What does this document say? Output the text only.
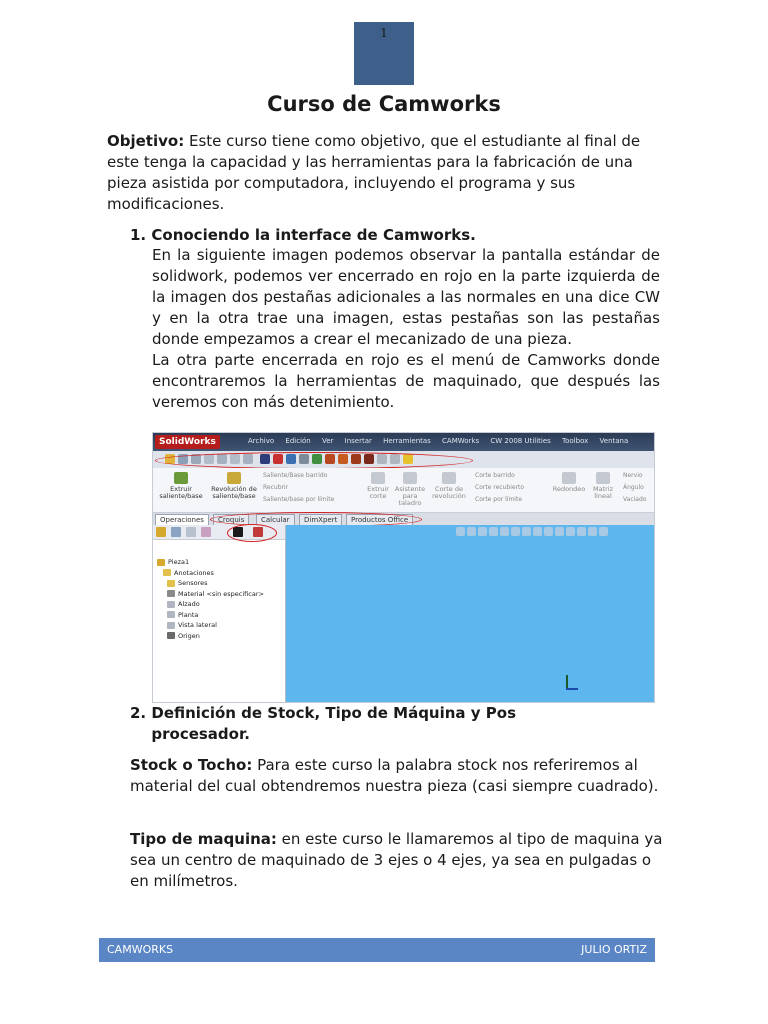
1
Curso de Camworks
Objetivo: Este curso tiene como objetivo, que el estudiante al final de este tenga la capacidad y las herramientas para la fabricación de una pieza asistida por computadora, incluyendo el programa y sus modificaciones.
1. Conociendo la interface de Camworks.

En la siguiente imagen podemos observar la pantalla estándar de solidwork, podemos ver encerrado en rojo en la parte izquierda de la imagen dos pestañas adicionales a las normales en una dice CW y en la otra trae una imagen, estas pestañas son las pestañas donde empezamos a crear el mecanizado de una pieza.

La otra parte encerrada en rojo es el menú de Camworks donde encontraremos la herramientas de maquinado, que después las veremos con más detenimiento.

SolidWorks	Archivo Edición Ver Insertar Herramientas CAMWorks CW 2008 Utilities Toolbox Ventana
Extruir saliente/base
Revolución de saliente/base
Saliente/Base barrido
Recubrir
Saliente/base por límite
Extruir corte
Asistente para taladro
Corte de revolución
Corte barrido
Corte recubierto
Corte por límite
Redondeo	Matriz lineal
Nervio
Ángulo
Vaciado
Operaciones	Croquis	Calcular	DimXpert	Productos Office
Pieza1
Anotaciones
Sensores
Material <sin especificar>
Alzado
Planta
Vista lateral
Origen
2. Definición de Stock, Tipo de Máquina y Pos procesador.
Stock o Tocho: Para este curso la palabra stock nos referiremos al material del cual obtendremos nuestra pieza (casi siempre cuadrado).
Tipo de maquina: en este curso le llamaremos al tipo de maquina ya sea un centro de maquinado de 3 ejes o 4 ejes, ya sea en pulgadas o en milímetros.
CAMWORKS	JULIO ORTIZ
